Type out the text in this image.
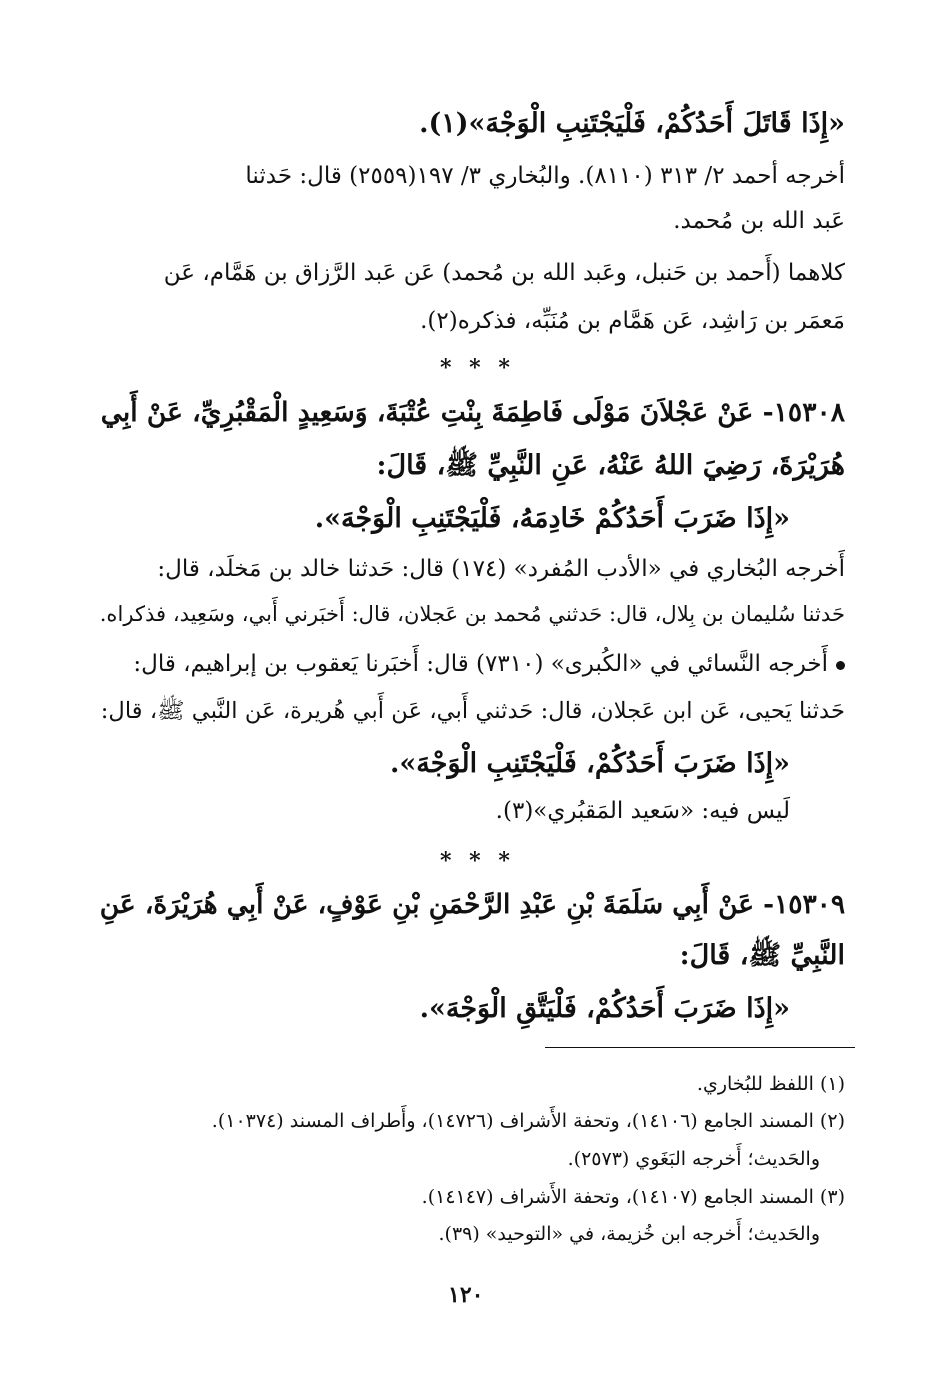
«إِذَا قَاتَلَ أَحَدُكُمْ، فَلْيَجْتَنِبِ الْوَجْهَ»(١).
أخرجه أحمد ٢/ ٣١٣ (٨١١٠). والبُخاري ٣/ ١٩٧(٢٥٥٩) قال: حَدثنا
عَبد الله بن مُحمد.
كلاهما (أَحمد بن حَنبل، وعَبد الله بن مُحمد) عَن عَبد الرَّزاق بن هَمَّام، عَن
مَعمَر بن رَاشِد، عَن هَمَّام بن مُنَبِّه، فذكره(٢).
* * *
١٥٣٠٨- عَنْ عَجْلاَنَ مَوْلَى فَاطِمَةَ بِنْتِ عُتْبَةَ، وَسَعِيدٍ الْمَقْبُرِيِّ، عَنْ أَبِي
هُرَيْرَةَ، رَضِيَ اللهُ عَنْهُ، عَنِ النَّبِيِّ ﷺ، قَالَ:
«إِذَا ضَرَبَ أَحَدُكُمْ خَادِمَهُ، فَلْيَجْتَنِبِ الْوَجْهَ».
أَخرجه البُخاري في «الأدب المُفرد» (١٧٤) قال: حَدثنا خالد بن مَخلَد، قال:
حَدثنا سُليمان بن بِلال، قال: حَدثني مُحمد بن عَجلان، قال: أَخبَرني أَبي، وسَعِيد، فذكراه.
أَخرجه النَّسائي في «الكُبرى» (٧٣١٠) قال: أَخبَرنا يَعقوب بن إبراهيم، قال:
حَدثنا يَحيى، عَن ابن عَجلان، قال: حَدثني أَبي، عَن أَبي هُريرة، عَن النَّبي ﷺ، قال:
«إِذَا ضَرَبَ أَحَدُكُمْ، فَلْيَجْتَنِبِ الْوَجْهَ».
لَيس فيه: «سَعيد المَقبُري»(٣).
* * *
١٥٣٠٩- عَنْ أَبِي سَلَمَةَ بْنِ عَبْدِ الرَّحْمَنِ بْنِ عَوْفٍ، عَنْ أَبِي هُرَيْرَةَ، عَنِ
النَّبِيِّ ﷺ، قَالَ:
«إِذَا ضَرَبَ أَحَدُكُمْ، فَلْيَتَّقِ الْوَجْهَ».
(١) اللفظ للبُخاري.
(٢) المسند الجامع (١٤١٠٦)، وتحفة الأَشراف (١٤٧٢٦)، وأَطراف المسند (١٠٣٧٤).
والحَديث؛ أَخرجه البَغَوي (٢٥٧٣).
(٣) المسند الجامع (١٤١٠٧)، وتحفة الأَشراف (١٤١٤٧).
والحَديث؛ أَخرجه ابن خُزيمة، في «التوحيد» (٣٩).
١٢٠
